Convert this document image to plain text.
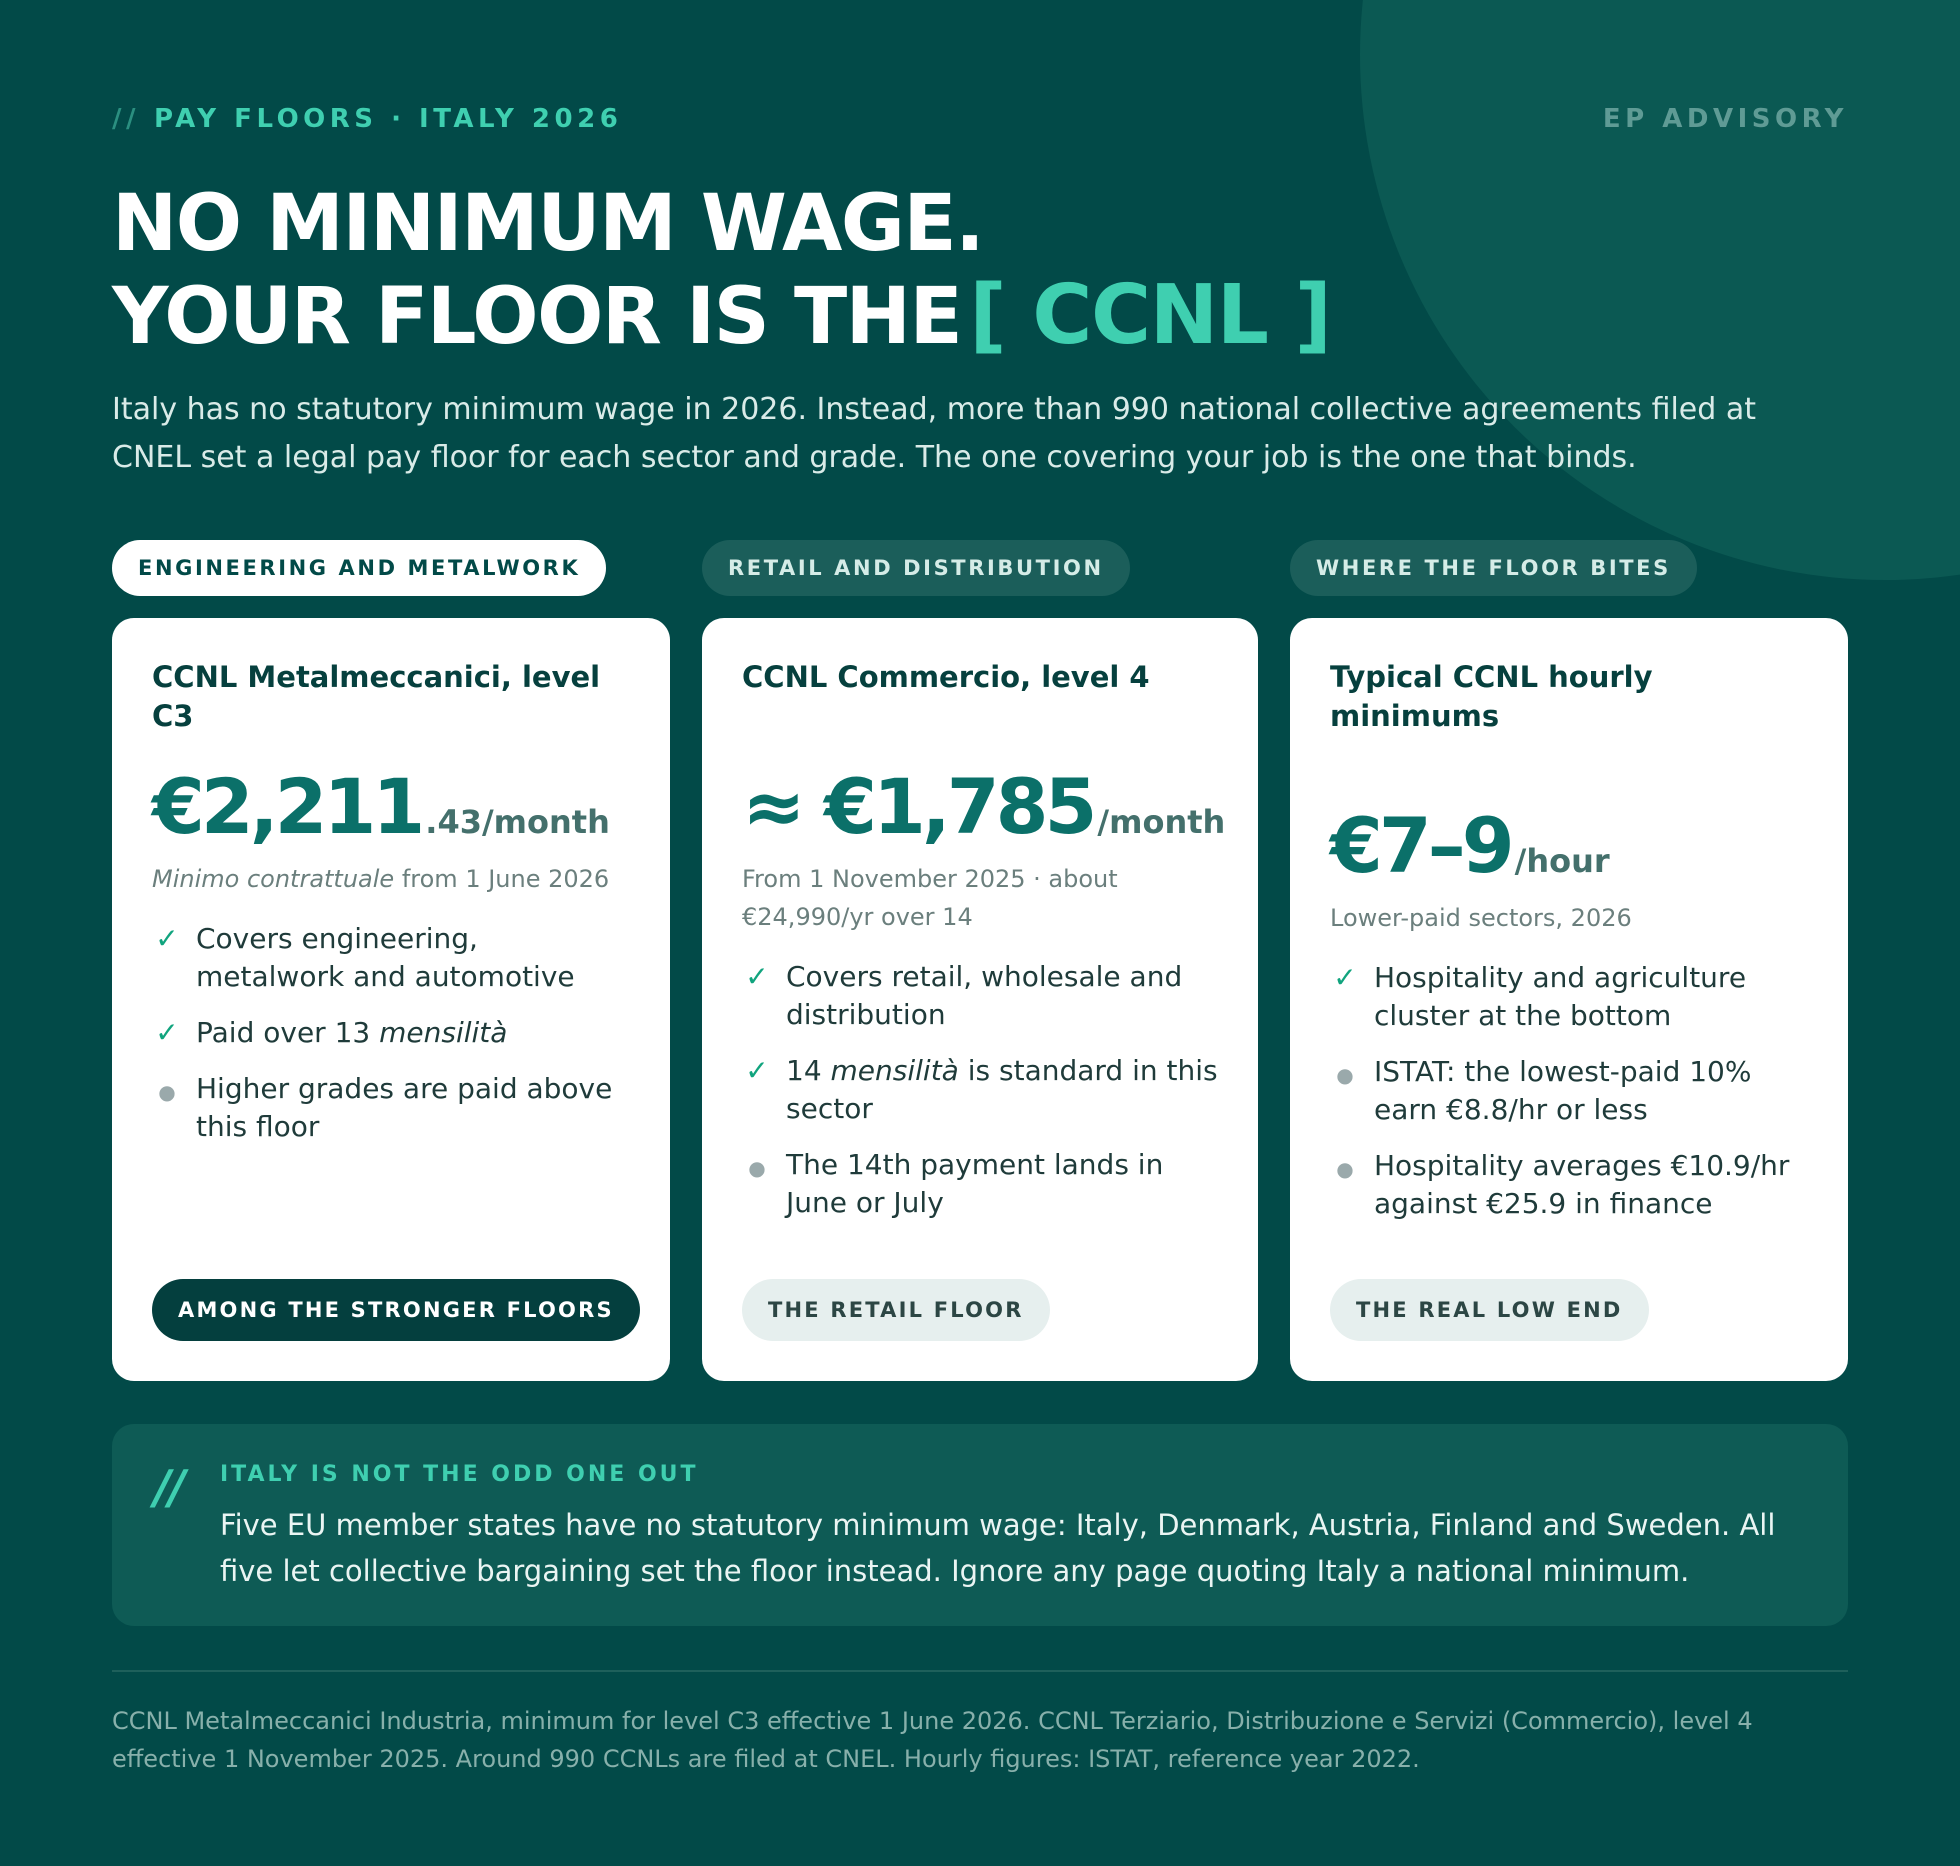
// PAY FLOORS · ITALY 2026	EP ADVISORY
NO MINIMUM WAGE.
YOUR FLOOR IS THE[ CCNL ]
Italy has no statutory minimum wage in 2026. Instead, more than 990 national collective agreements filed at
CNEL set a legal pay floor for each sector and grade. The one covering your job is the one that binds.
ENGINEERING AND METALWORK	RETAIL AND DISTRIBUTION	WHERE THE FLOOR BITES
CCNL Metalmeccanici, level
C3
€2,211 .43/month
Minimo contrattuale from 1 June 2026
✓ Covers engineering, metalwork and automotive
✓ Paid over 13 mensilità
● Higher grades are paid above this floor
AMONG THE STRONGER FLOORS
CCNL Commercio, level 4
≈ €1,785 /month
From 1 November 2025 · about
€24,990/yr over 14
✓ Covers retail, wholesale and distribution
✓ 14 mensilità is standard in this sector
● The 14th payment lands in June or July
THE RETAIL FLOOR
Typical CCNL hourly minimums
€7–9 /hour
Lower-paid sectors, 2026
✓ Hospitality and agriculture cluster at the bottom
● ISTAT: the lowest-paid 10% earn €8.8/hr or less
● Hospitality averages €10.9/hr against €25.9 in finance
THE REAL LOW END
// ITALY IS NOT THE ODD ONE OUT
Five EU member states have no statutory minimum wage: Italy, Denmark, Austria, Finland and Sweden. All
five let collective bargaining set the floor instead. Ignore any page quoting Italy a national minimum.
CCNL Metalmeccanici Industria, minimum for level C3 effective 1 June 2026. CCNL Terziario, Distribuzione e Servizi (Commercio), level 4
effective 1 November 2025. Around 990 CCNLs are filed at CNEL. Hourly figures: ISTAT, reference year 2022.
